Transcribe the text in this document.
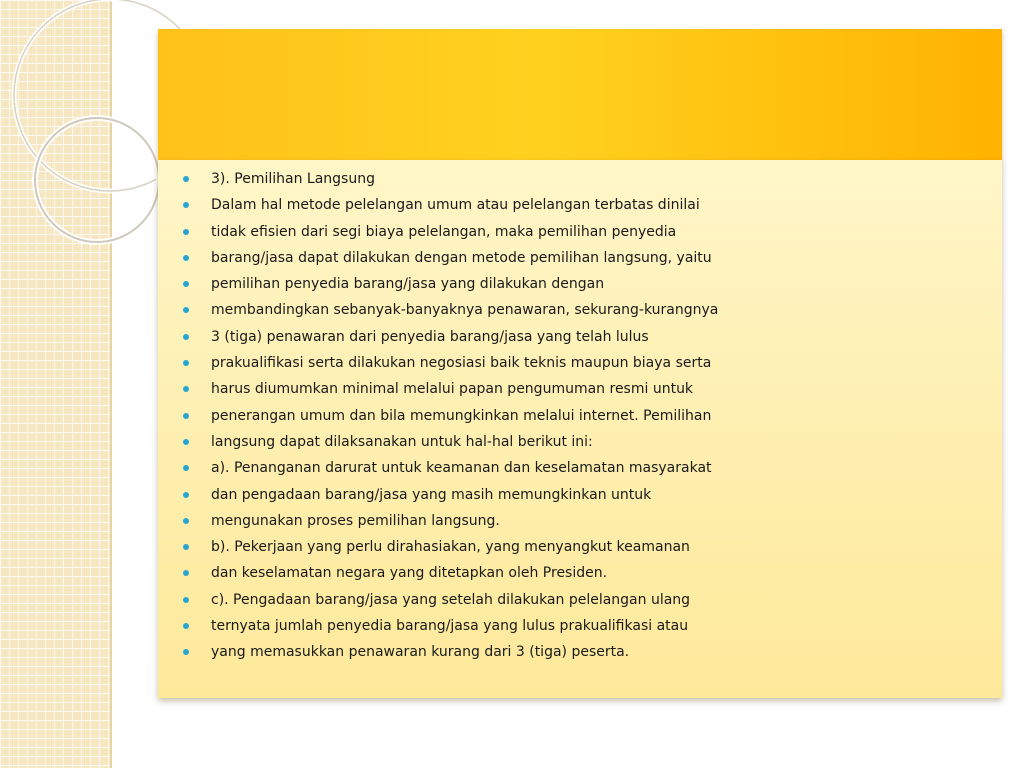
3). Pemilihan Langsung
Dalam hal metode pelelangan umum atau pelelangan terbatas dinilai
tidak efisien dari segi biaya pelelangan, maka pemilihan penyedia
barang/jasa dapat dilakukan dengan metode pemilihan langsung, yaitu
pemilihan penyedia barang/jasa yang dilakukan dengan
membandingkan sebanyak-banyaknya penawaran, sekurang-kurangnya
3 (tiga) penawaran dari penyedia barang/jasa yang telah lulus
prakualifikasi serta dilakukan negosiasi baik teknis maupun biaya serta
harus diumumkan minimal melalui papan pengumuman resmi untuk
penerangan umum dan bila memungkinkan melalui internet. Pemilihan
langsung dapat dilaksanakan untuk hal-hal berikut ini:
a). Penanganan darurat untuk keamanan dan keselamatan masyarakat
dan pengadaan barang/jasa yang masih memungkinkan untuk
mengunakan proses pemilihan langsung.
b). Pekerjaan yang perlu dirahasiakan, yang menyangkut keamanan
dan keselamatan negara yang ditetapkan oleh Presiden.
c). Pengadaan barang/jasa yang setelah dilakukan pelelangan ulang
ternyata jumlah penyedia barang/jasa yang lulus prakualifikasi atau
yang memasukkan penawaran kurang dari 3 (tiga) peserta.
